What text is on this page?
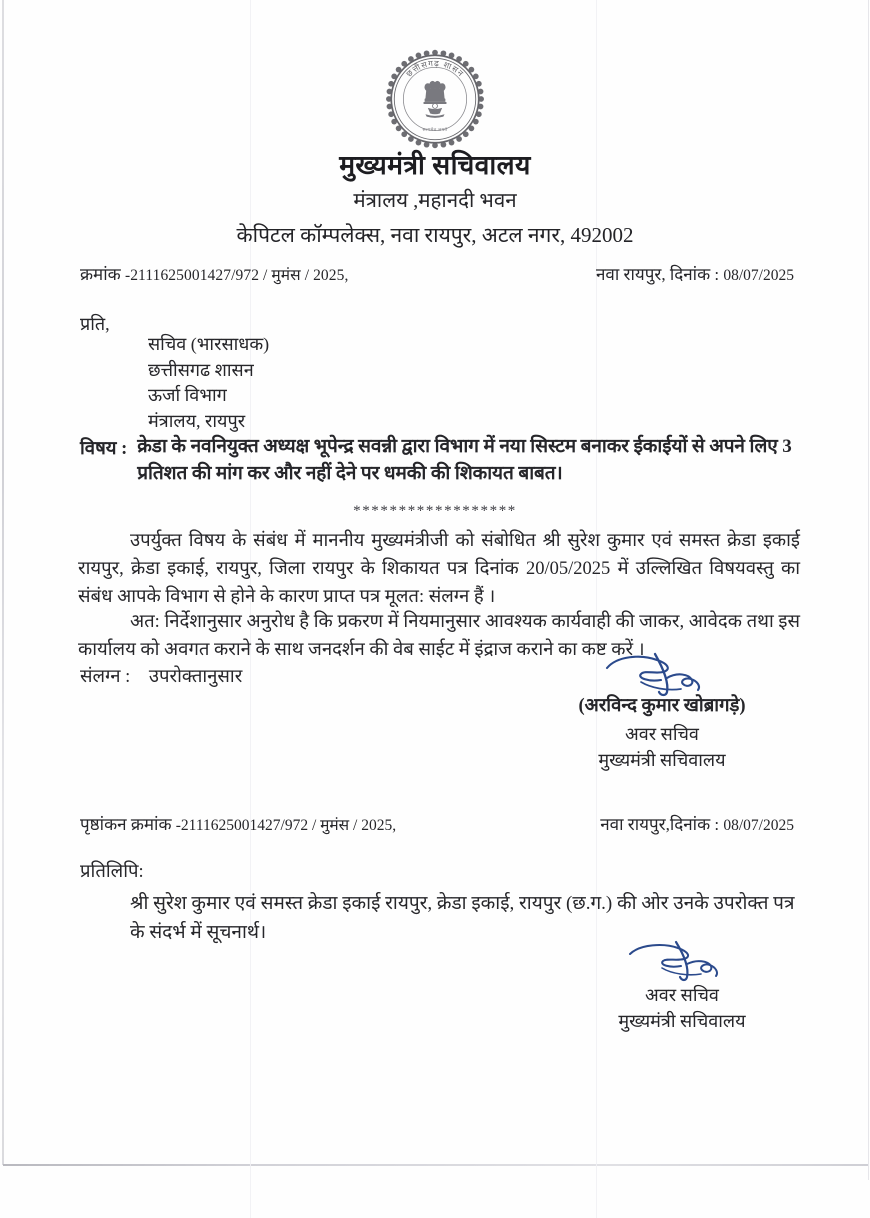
छत्तीसगढ़ शासन
सत्यमेव जयते
मुख्यमंत्री सचिवालय
मंत्रालय ,महानदी भवन
केपिटल कॉम्पलेक्स, नवा रायपुर, अटल नगर, 492002
क्रमांक -2111625001427/972 / मुमंस / 2025,	नवा रायपुर, दिनांक : 08/07/2025
प्रति,
सचिव (भारसाधक)
छत्तीसगढ शासन
ऊर्जा विभाग
मंत्रालय, रायपुर
विषय : क्रेडा के नवनियुक्त अध्यक्ष भूपेन्द्र सवन्नी द्वारा विभाग में नया सिस्टम बनाकर ईकाईयों से अपने लिए 3 प्रतिशत की मांग कर और नहीं देने पर धमकी की शिकायत बाबत।
******************
उपर्युक्त विषय के संबंध में माननीय मुख्यमंत्रीजी को संबोधित श्री सुरेश कुमार एवं समस्त क्रेडा इकाई रायपुर, क्रेडा इकाई, रायपुर, जिला रायपुर के शिकायत पत्र दिनांक 20/05/2025 में उल्लिखित विषयवस्तु का संबंध आपके विभाग से होने के कारण प्राप्त पत्र मूलत: संलग्न हैं ।
अत: निर्देशानुसार अनुरोध है कि प्रकरण में नियमानुसार आवश्यक कार्यवाही की जाकर, आवेदक तथा इस कार्यालय को अवगत कराने के साथ जनदर्शन की वेब साईट में इंद्राज कराने का कष्ट करें ।
संलग्न : उपरोक्तानुसार
(अरविन्द कुमार खोब्रागड़े)
अवर सचिव
मुख्यमंत्री सचिवालय
पृष्ठांकन क्रमांक -2111625001427/972 / मुमंस / 2025,	नवा रायपुर,दिनांक : 08/07/2025
प्रतिलिपि:
श्री सुरेश कुमार एवं समस्त क्रेडा इकाई रायपुर, क्रेडा इकाई, रायपुर (छ.ग.) की ओर उनके उपरोक्त पत्र के संदर्भ में सूचनार्थ।
अवर सचिव
मुख्यमंत्री सचिवालय
